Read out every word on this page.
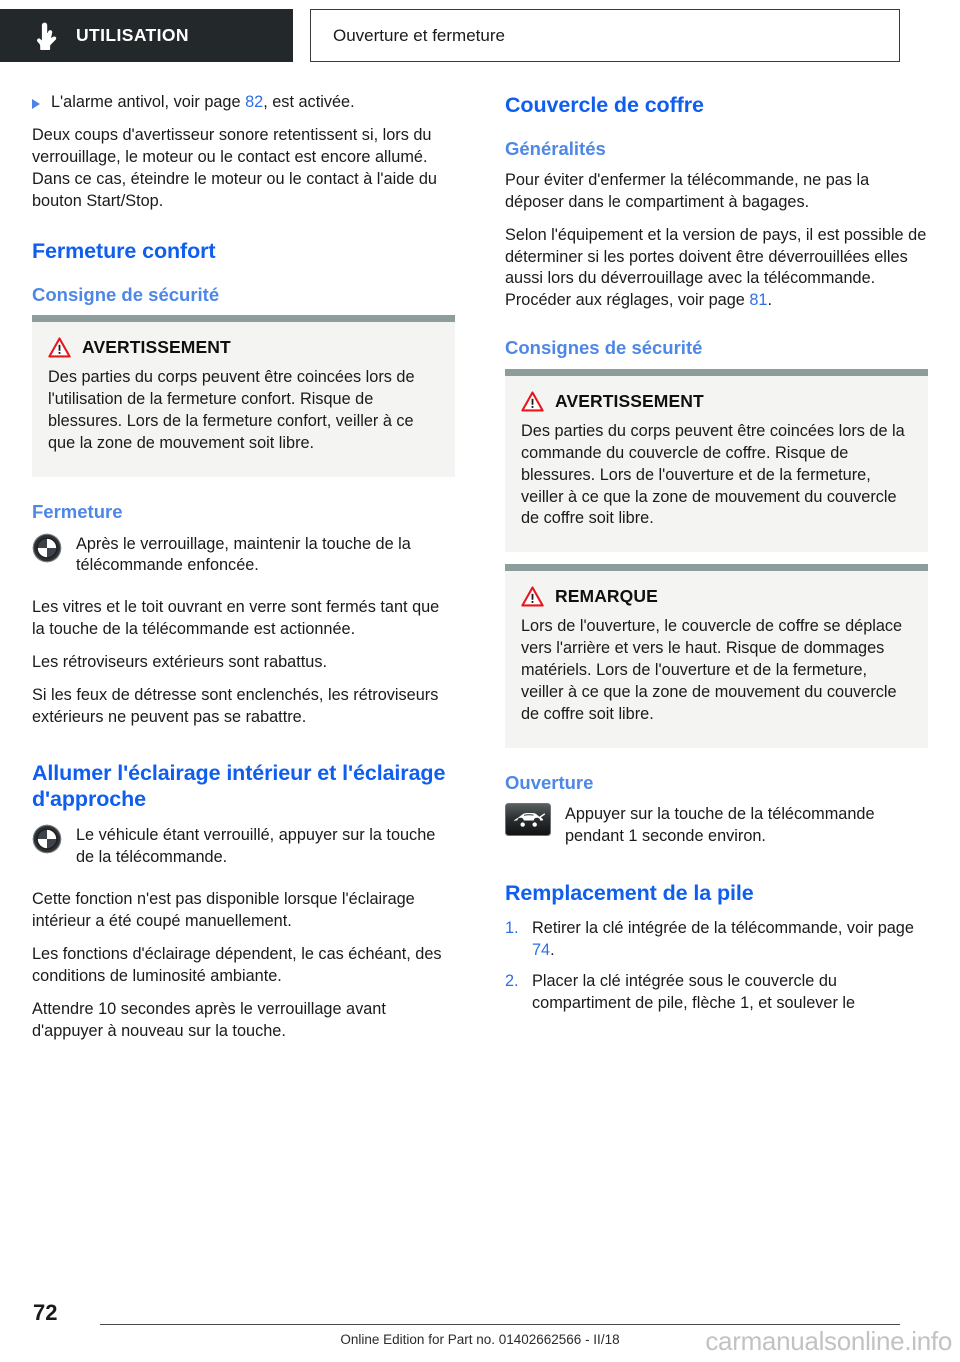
UTILISATION	Ouverture et fermeture
L'alarme antivol, voir page 82, est activée.

Deux coups d'avertisseur sonore retentissent si, lors du verrouillage, le moteur ou le contact est encore allumé. Dans ce cas, éteindre le moteur ou le contact à l'aide du bouton Start/Stop.

Fermeture confort
Consigne de sécurité
AVERTISSEMENT
Des parties du corps peuvent être coincées lors de l'utilisation de la fermeture confort. Risque de blessures. Lors de la fermeture confort, veiller à ce que la zone de mouvement soit libre.
Fermeture
Après le verrouillage, maintenir la touche de la télécommande enfoncée.

Les vitres et le toit ouvrant en verre sont fermés tant que la touche de la télécommande est actionnée.

Les rétroviseurs extérieurs sont rabattus.

Si les feux de détresse sont enclenchés, les rétroviseurs extérieurs ne peuvent pas se rabattre.

Allumer l'éclairage intérieur et l'éclairage d'approche
Le véhicule étant verrouillé, appuyer sur la touche de la télécommande.

Cette fonction n'est pas disponible lorsque l'éclairage intérieur a été coupé manuellement.

Les fonctions d'éclairage dépendent, le cas échéant, des conditions de luminosité ambiante.

Attendre 10 secondes après le verrouillage avant d'appuyer à nouveau sur la touche.

Couvercle de coffre
Généralités

Pour éviter d'enfermer la télécommande, ne pas la déposer dans le compartiment à bagages.

Selon l'équipement et la version de pays, il est possible de déterminer si les portes doivent être déverrouillées elles aussi lors du déverrouillage avec la télécommande. Procéder aux réglages, voir page 81.

Consignes de sécurité
AVERTISSEMENT
Des parties du corps peuvent être coincées lors de la commande du couvercle de coffre. Risque de blessures. Lors de l'ouverture et de la fermeture, veiller à ce que la zone de mouvement du couvercle de coffre soit libre.
REMARQUE
Lors de l'ouverture, le couvercle de coffre se déplace vers l'arrière et vers le haut. Risque de dommages matériels. Lors de l'ouverture et de la fermeture, veiller à ce que la zone de mouvement du couvercle de coffre soit libre.
Ouverture
Appuyer sur la touche de la télécommande pendant 1 seconde environ.
Remplacement de la pile
1. Retirer la clé intégrée de la télécommande, voir page 74.
2. Placer la clé intégrée sous le couvercle du compartiment de pile, flèche 1, et soulever le
72
Online Edition for Part no. 01402662566 - II/18	carmanualsonline.info
